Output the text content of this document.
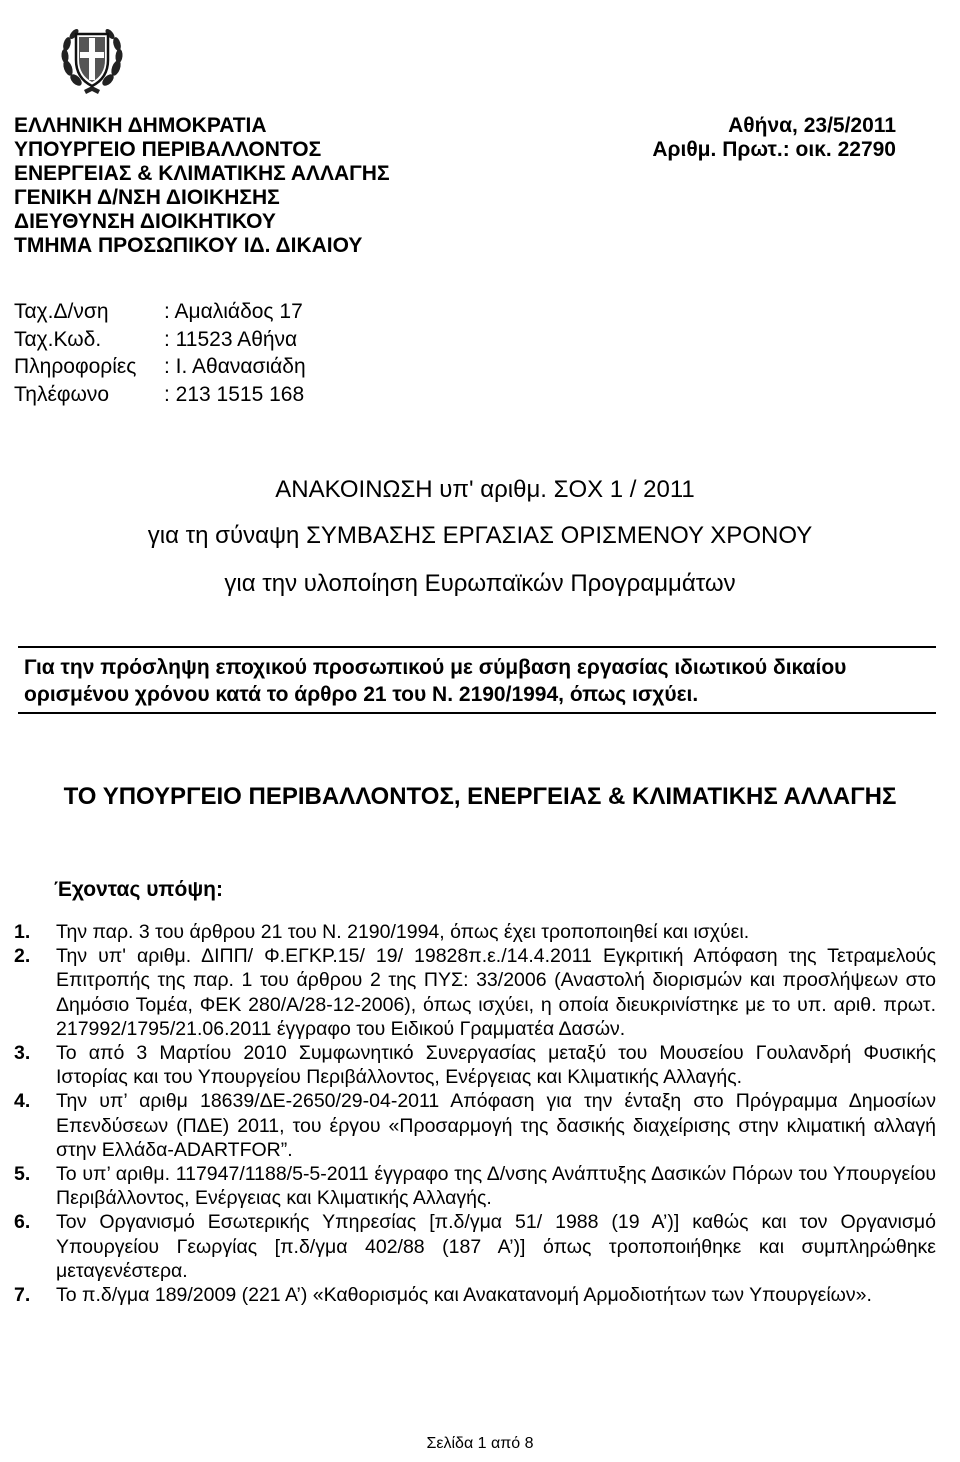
ΕΛΛΗΝΙΚΗ ΔΗΜΟΚΡΑΤΙΑ
ΥΠΟΥΡΓΕΙΟ ΠΕΡΙΒΑΛΛΟΝΤΟΣ
ΕΝΕΡΓΕΙΑΣ & ΚΛΙΜΑΤΙΚΗΣ ΑΛΛΑΓΗΣ
ΓΕΝΙΚΗ Δ/ΝΣΗ ΔΙΟΙΚΗΣΗΣ
ΔΙΕΥΘΥΝΣΗ ΔΙΟΙΚΗΤΙΚΟΥ
ΤΜΗΜΑ ΠΡΟΣΩΠΙΚΟΥ ΙΔ. ΔΙΚΑΙΟΥ
Αθήνα, 23/5/2011
Αριθμ. Πρωτ.: οικ. 22790
Ταχ.Δ/νση	: Αμαλιάδος 17
Ταχ.Κωδ.	: 11523 Αθήνα
Πληροφορίες	: Ι. Αθανασιάδη
Τηλέφωνο	: 213 1515 168
ΑΝΑΚΟΙΝΩΣΗ υπ' αριθμ. ΣΟΧ 1 / 2011
για τη σύναψη ΣΥΜΒΑΣΗΣ ΕΡΓΑΣΙΑΣ ΟΡΙΣΜΕΝΟΥ ΧΡΟΝΟΥ
για την υλοποίηση Ευρωπαϊκών Προγραμμάτων
Για την πρόσληψη εποχικού προσωπικού με σύμβαση εργασίας ιδιωτικού δικαίου ορισμένου χρόνου κατά το άρθρο 21 του Ν. 2190/1994, όπως ισχύει.
ΤΟ ΥΠΟΥΡΓΕΙΟ ΠΕΡΙΒΑΛΛΟΝΤΟΣ, ΕΝΕΡΓΕΙΑΣ & ΚΛΙΜΑΤΙΚΗΣ ΑΛΛΑΓΗΣ
Έχοντας υπόψη:
1.	Την παρ. 3 του άρθρου 21 του Ν. 2190/1994, όπως έχει τροποποιηθεί και ισχύει.
2.	Την υπ' αριθμ. ΔΙΠΠ/ Φ.ΕΓΚΡ.15/ 19/ 19828π.ε./14.4.2011 Εγκριτική Απόφαση της Τετραμελούς Επιτροπής της παρ. 1 του άρθρου 2 της ΠΥΣ: 33/2006 (Αναστολή διορισμών και προσλήψεων στο Δημόσιο Τομέα, ΦΕΚ 280/Α/28-12-2006), όπως ισχύει, η οποία διευκρινίστηκε με το υπ. αριθ. πρωτ. 217992/1795/21.06.2011 έγγραφο του Ειδικού Γραμματέα Δασών.
3.	Το από 3 Μαρτίου 2010 Συμφωνητικό Συνεργασίας μεταξύ του Μουσείου Γουλανδρή Φυσικής Ιστορίας και του Υπουργείου Περιβάλλοντος, Ενέργειας και Κλιματικής Αλλαγής.
4.	Την υπ’ αριθμ 18639/ΔΕ-2650/29-04-2011 Απόφαση για την ένταξη στο Πρόγραμμα Δημοσίων Επενδύσεων (ΠΔΕ) 2011, του έργου «Προσαρμογή της δασικής διαχείρισης στην κλιματική αλλαγή στην Ελλάδα-ADARTFOR”.
5.	Το υπ’ αριθμ. 117947/1188/5-5-2011 έγγραφο της Δ/νσης Ανάπτυξης Δασικών Πόρων του Υπουργείου Περιβάλλοντος, Ενέργειας και Κλιματικής Αλλαγής.
6.	Τον Οργανισμό Εσωτερικής Υπηρεσίας [π.δ/γμα 51/ 1988 (19 Α’)] καθώς και τον Οργανισμό Υπουργείου Γεωργίας [π.δ/γμα 402/88 (187 Α’)] όπως τροποποιήθηκε και συμπληρώθηκε μεταγενέστερα.
7.	Το π.δ/γμα 189/2009 (221 Α’) «Καθορισμός και Ανακατανομή Αρμοδιοτήτων των Υπουργείων».
Σελίδα 1 από 8
